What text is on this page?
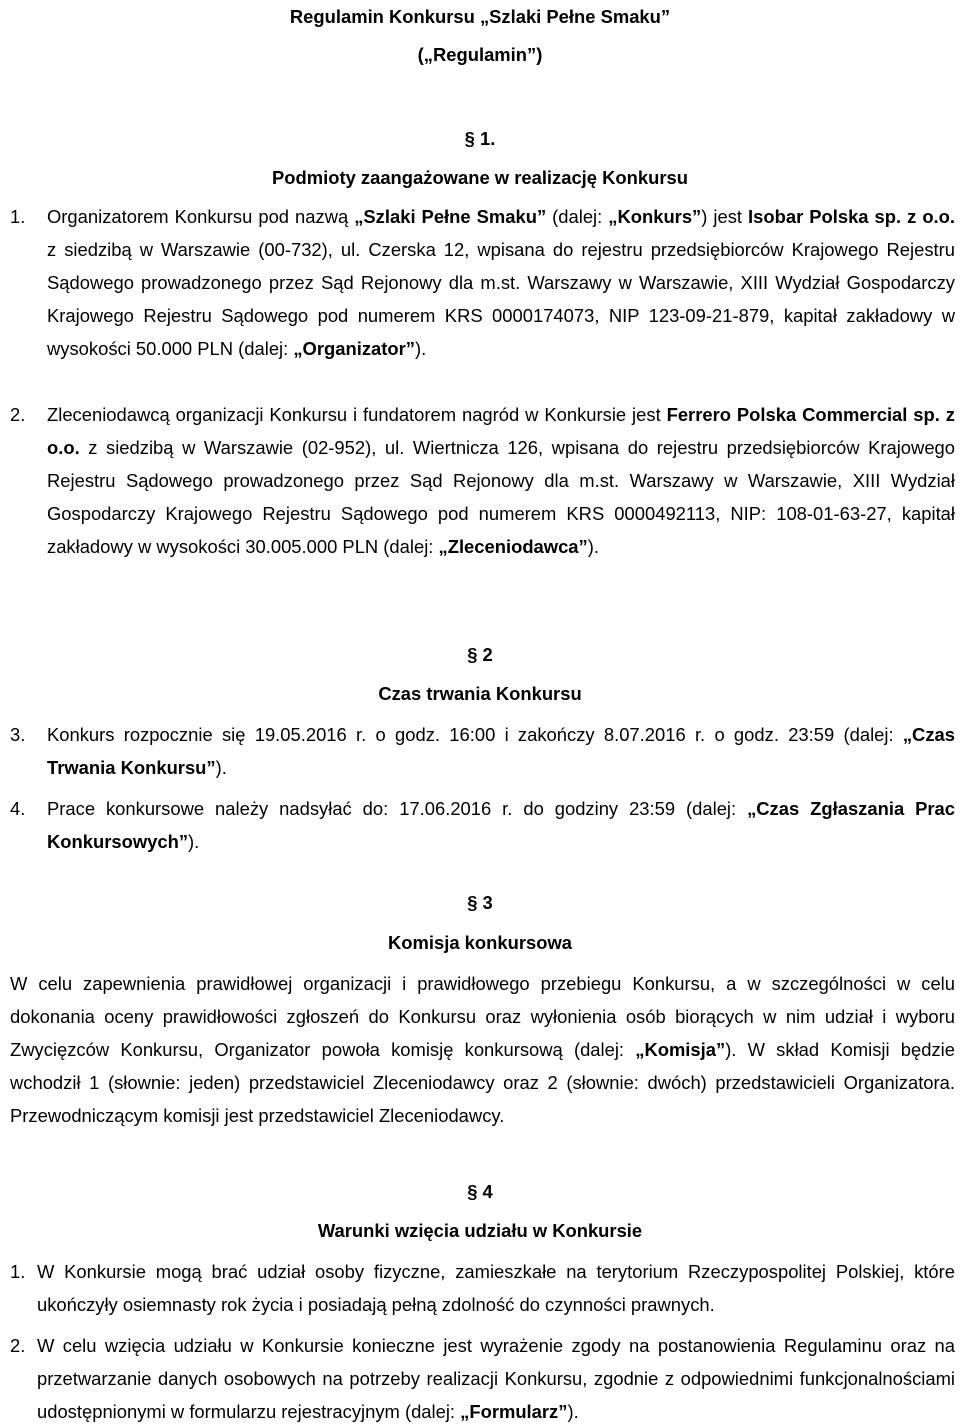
Regulamin Konkursu „Szlaki Pełne Smaku”
(„Regulamin”)
§ 1.
Podmioty zaangażowane w realizację Konkursu
1. Organizatorem Konkursu pod nazwą „Szlaki Pełne Smaku” (dalej: „Konkurs”) jest Isobar Polska sp. z o.o. z siedzibą w Warszawie (00-732), ul. Czerska 12, wpisana do rejestru przedsiębiorców Krajowego Rejestru Sądowego prowadzonego przez Sąd Rejonowy dla m.st. Warszawy w Warszawie, XIII Wydział Gospodarczy Krajowego Rejestru Sądowego pod numerem KRS 0000174073, NIP 123-09-21-879, kapitał zakładowy w wysokości 50.000 PLN (dalej: „Organizator”).
2. Zleceniodawcą organizacji Konkursu i fundatorem nagród w Konkursie jest Ferrero Polska Commercial sp. z o.o. z siedzibą w Warszawie (02-952), ul. Wiertnicza 126, wpisana do rejestru przedsiębiorców Krajowego Rejestru Sądowego prowadzonego przez Sąd Rejonowy dla m.st. Warszawy w Warszawie, XIII Wydział Gospodarczy Krajowego Rejestru Sądowego pod numerem KRS 0000492113, NIP: 108-01-63-27, kapitał zakładowy w wysokości 30.005.000 PLN (dalej: „Zleceniodawca”).
§ 2
Czas trwania Konkursu
3. Konkurs rozpocznie się 19.05.2016 r. o godz. 16:00 i zakończy 8.07.2016 r. o godz. 23:59 (dalej: „Czas Trwania Konkursu”).
4. Prace konkursowe należy nadsyłać do: 17.06.2016 r. do godziny 23:59 (dalej: „Czas Zgłaszania Prac Konkursowych”).
§ 3
Komisja konkursowa
W celu zapewnienia prawidłowej organizacji i prawidłowego przebiegu Konkursu, a w szczególności w celu dokonania oceny prawidłowości zgłoszeń do Konkursu oraz wyłonienia osób biorących w nim udział i wyboru Zwycięzców Konkursu, Organizator powoła komisję konkursową (dalej: „Komisja”). W skład Komisji będzie wchodził 1 (słownie: jeden) przedstawiciel Zleceniodawcy oraz 2 (słownie: dwóch) przedstawicieli Organizatora. Przewodniczącym komisji jest przedstawiciel Zleceniodawcy.
§ 4
Warunki wzięcia udziału w Konkursie
1. W Konkursie mogą brać udział osoby fizyczne, zamieszkałe na terytorium Rzeczypospolitej Polskiej, które ukończyły osiemnasty rok życia i posiadają pełną zdolność do czynności prawnych.
2. W celu wzięcia udziału w Konkursie konieczne jest wyrażenie zgody na postanowienia Regulaminu oraz na przetwarzanie danych osobowych na potrzeby realizacji Konkursu, zgodnie z odpowiednimi funkcjonalnościami udostępnionymi w formularzu rejestracyjnym (dalej: „Formularz”).
